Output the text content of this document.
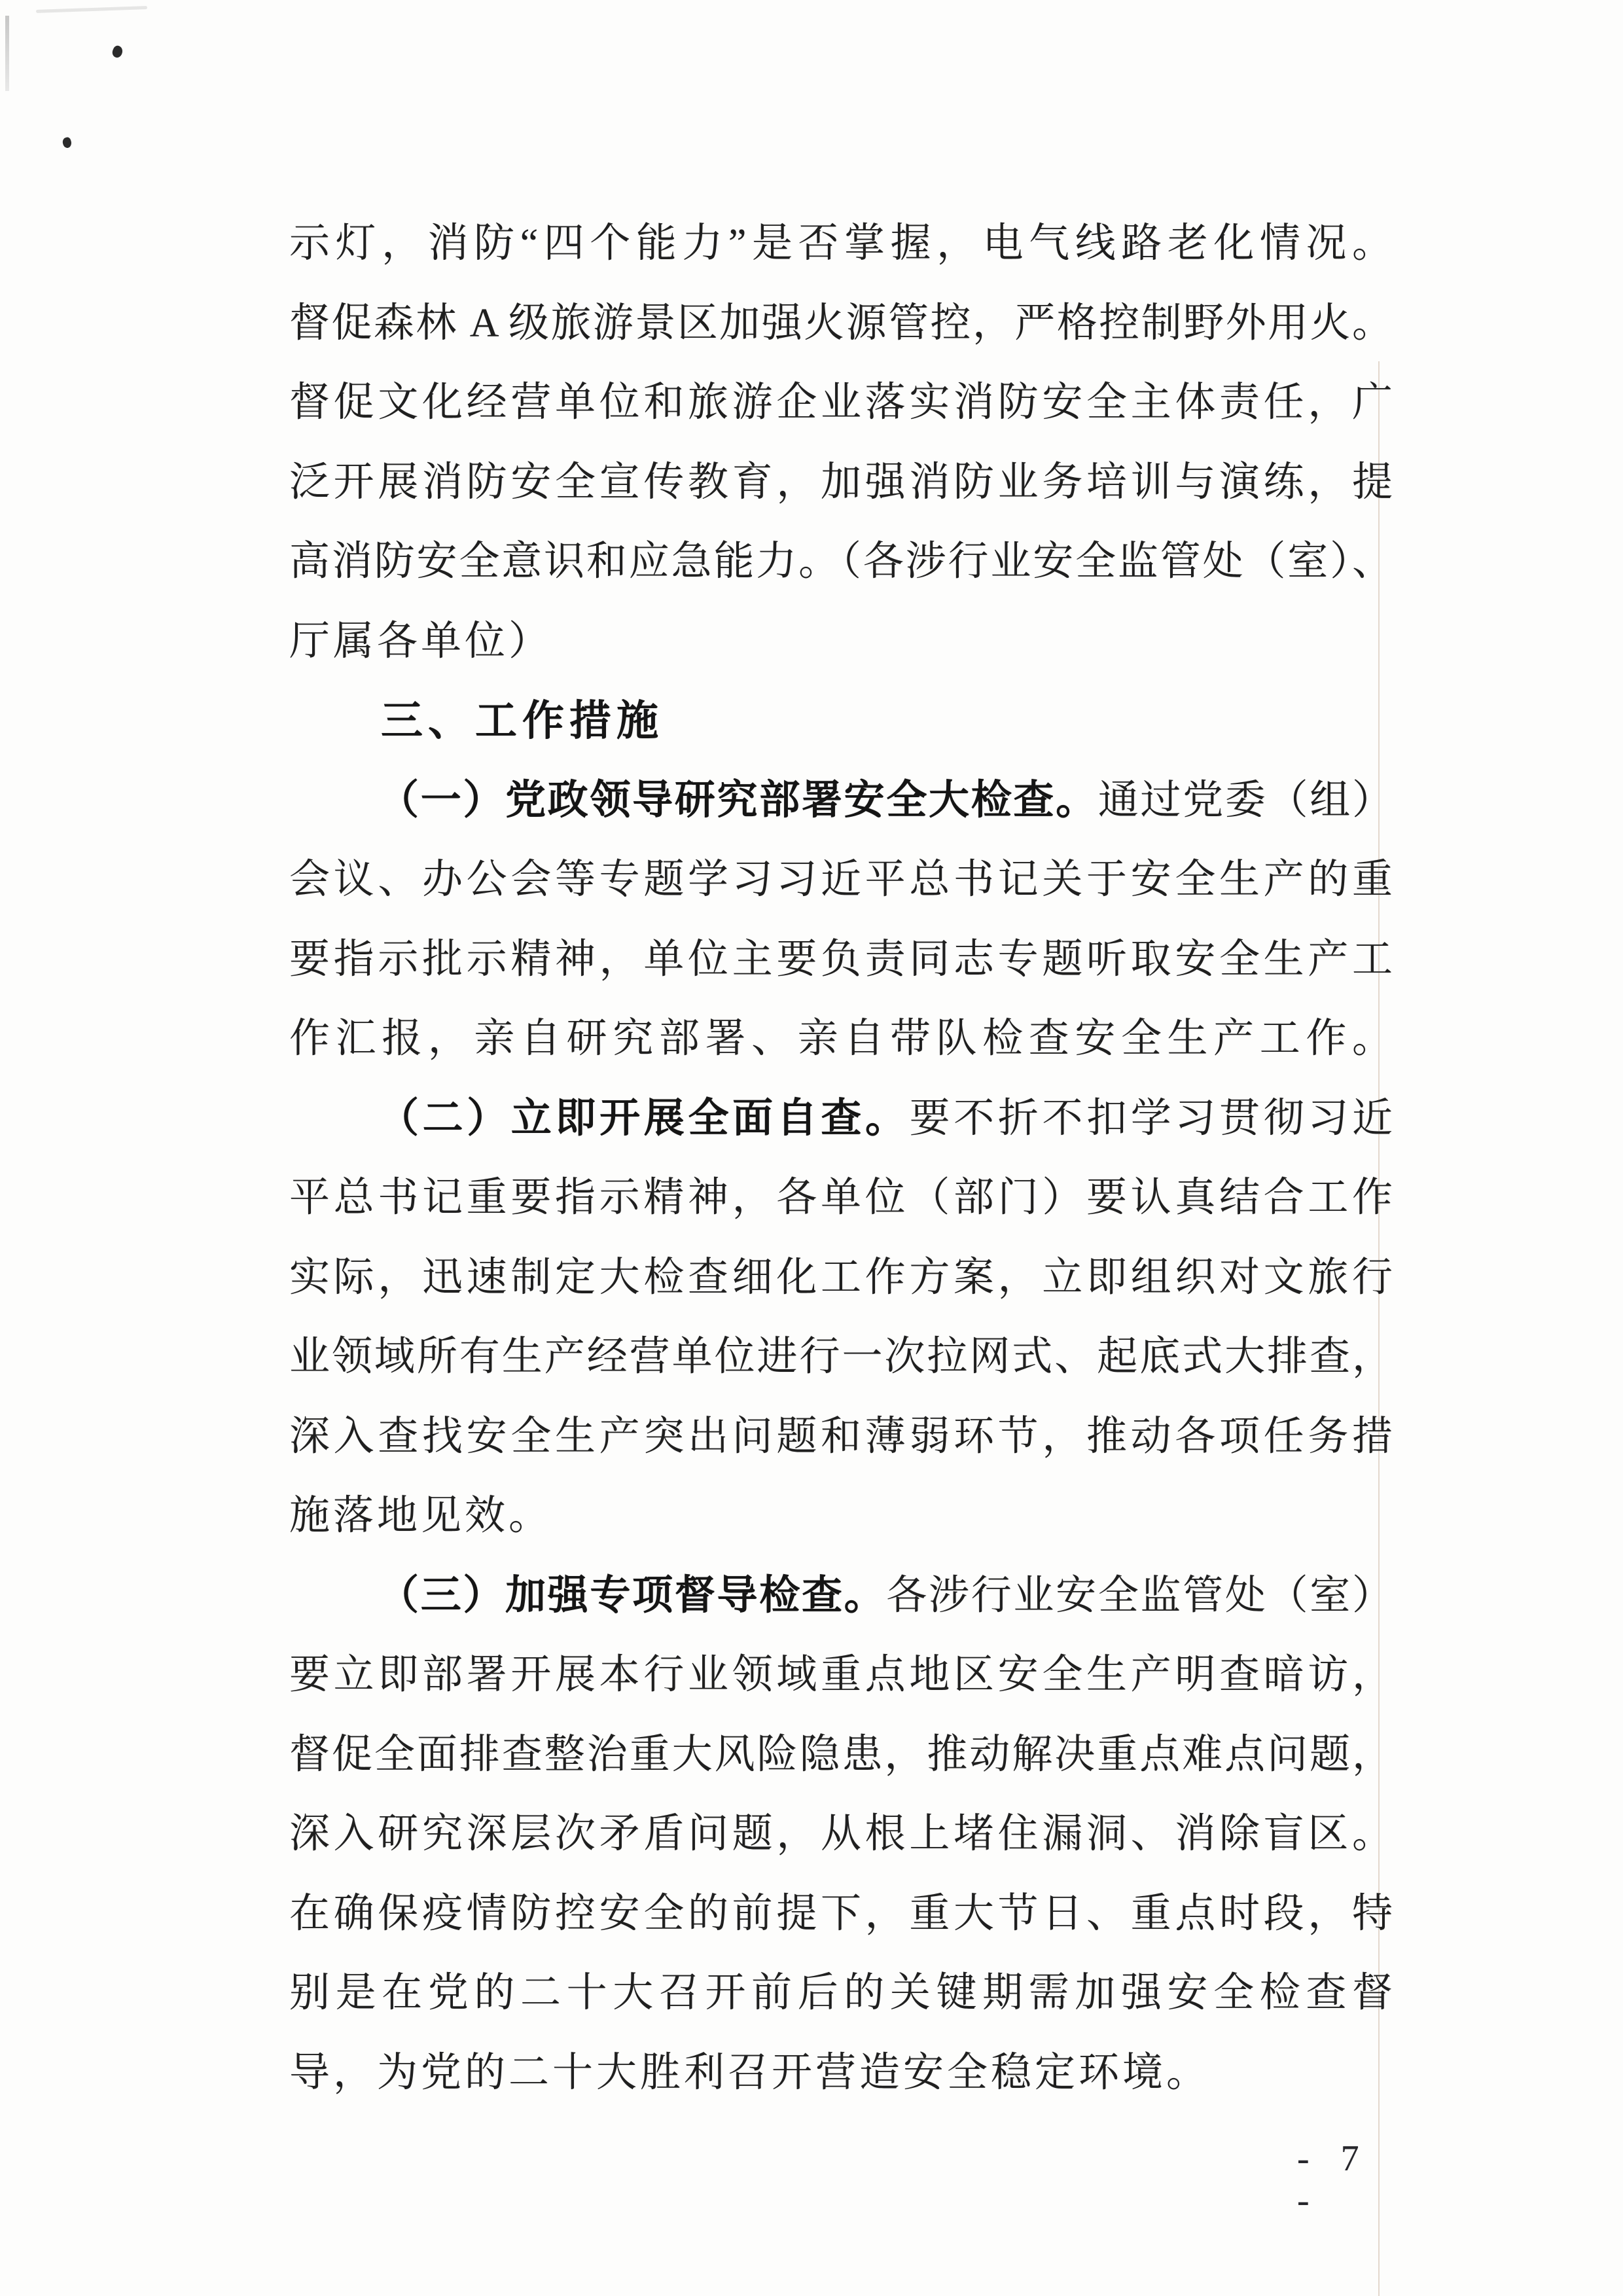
示灯，消防“四个能力”是否掌握，电气线路老化情况。
督促森林 A 级旅游景区加强火源管控，严格控制野外用火。
督促文化经营单位和旅游企业落实消防安全主体责任，广
泛开展消防安全宣传教育，加强消防业务培训与演练，提
高消防安全意识和应急能力。（各涉行业安全监管处（室）、
厅属各单位）
三、工作措施
（一）党政领导研究部署安全大检查。通过党委（组）
会议、办公会等专题学习习近平总书记关于安全生产的重
要指示批示精神，单位主要负责同志专题听取安全生产工
作汇报，亲自研究部署、亲自带队检查安全生产工作。
（二）立即开展全面自查。要不折不扣学习贯彻习近
平总书记重要指示精神，各单位（部门）要认真结合工作
实际，迅速制定大检查细化工作方案，立即组织对文旅行
业领域所有生产经营单位进行一次拉网式、起底式大排查，
深入查找安全生产突出问题和薄弱环节，推动各项任务措
施落地见效。
（三）加强专项督导检查。各涉行业安全监管处（室）
要立即部署开展本行业领域重点地区安全生产明查暗访，
督促全面排查整治重大风险隐患，推动解决重点难点问题，
深入研究深层次矛盾问题，从根上堵住漏洞、消除盲区。
在确保疫情防控安全的前提下，重大节日、重点时段，特
别是在党的二十大召开前后的关键期需加强安全检查督
导，为党的二十大胜利召开营造安全稳定环境。
- 7 -
